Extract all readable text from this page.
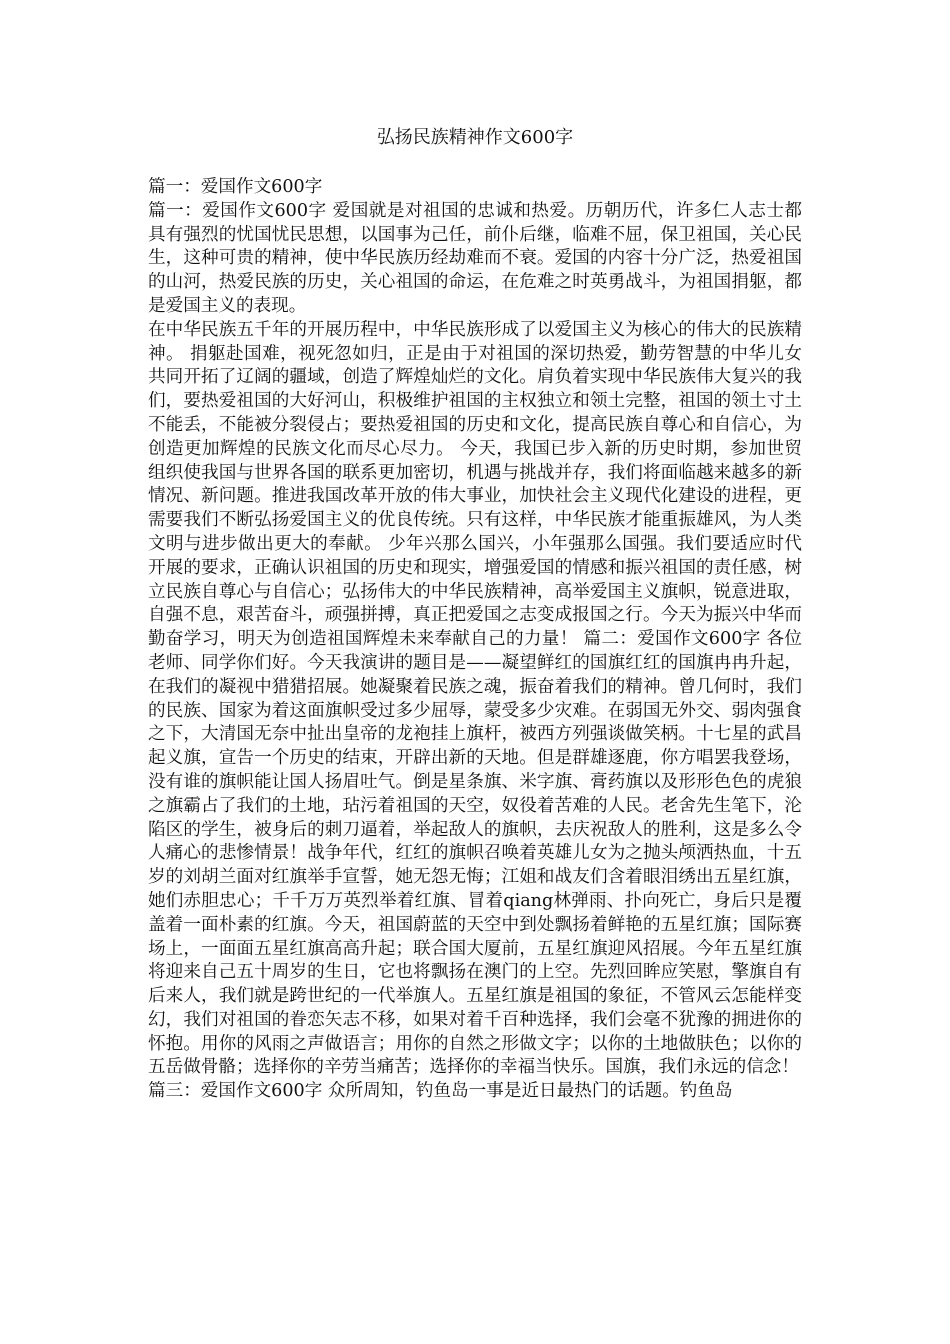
弘扬民族精神作文600字

篇一：爱国作文600字

篇一：爱国作文600字 爱国就是对祖国的忠诚和热爱。历朝历代，许多仁人志士都具有强烈的忧国忧民思想，以国事为己任，前仆后继，临难不屈，保卫祖国，关心民生，这种可贵的精神，使中华民族历经劫难而不衰。爱国的内容十分广泛，热爱祖国的山河，热爱民族的历史，关心祖国的命运，在危难之时英勇战斗，为祖国捐躯，都是爱国主义的表现。

在中华民族五千年的开展历程中，中华民族形成了以爱国主义为核心的伟大的民族精神。 捐躯赴国难，视死忽如归，正是由于对祖国的深切热爱，勤劳智慧的中华儿女共同开拓了辽阔的疆域，创造了辉煌灿烂的文化。肩负着实现中华民族伟大复兴的我们，要热爱祖国的大好河山，积极维护祖国的主权独立和领土完整，祖国的领土寸土不能丢，不能被分裂侵占；要热爱祖国的历史和文化，提高民族自尊心和自信心，为创造更加辉煌的民族文化而尽心尽力。 今天，我国已步入新的历史时期，参加世贸组织使我国与世界各国的联系更加密切，机遇与挑战并存，我们将面临越来越多的新情况、新问题。推进我国改革开放的伟大事业，加快社会主义现代化建设的进程，更需要我们不断弘扬爱国主义的优良传统。只有这样，中华民族才能重振雄风，为人类文明与进步做出更大的奉献。 少年兴那么国兴，小年强那么国强。我们要适应时代开展的要求，正确认识祖国的历史和现实，增强爱国的情感和振兴祖国的责任感，树立民族自尊心与自信心；弘扬伟大的中华民族精神，高举爱国主义旗帜，锐意进取，自强不息，艰苦奋斗，顽强拼搏，真正把爱国之志变成报国之行。今天为振兴中华而勤奋学习，明天为创造祖国辉煌未来奉献自己的力量！ 篇二：爱国作文600字 各位老师、同学你们好。今天我演讲的题目是——凝望鲜红的国旗红红的国旗冉冉升起，在我们的凝视中猎猎招展。她凝聚着民族之魂，振奋着我们的精神。曾几何时，我们的民族、国家为着这面旗帜受过多少屈辱，蒙受多少灾难。在弱国无外交、弱肉强食之下，大清国无奈中扯出皇帝的龙袍挂上旗杆，被西方列强谈做笑柄。十七星的武昌起义旗，宣告一个历史的结束，开辟出新的天地。但是群雄逐鹿，你方唱罢我登场，没有谁的旗帜能让国人扬眉吐气。倒是星条旗、米字旗、膏药旗以及形形色色的虎狼之旗霸占了我们的土地，玷污着祖国的天空，奴役着苦难的人民。老舍先生笔下，沦陷区的学生，被身后的刺刀逼着，举起敌人的旗帜，去庆祝敌人的胜利，这是多么令人痛心的悲惨情景！战争年代，红红的旗帜召唤着英雄儿女为之抛头颅洒热血，十五岁的刘胡兰面对红旗举手宣誓，她无怨无悔；江姐和战友们含着眼泪绣出五星红旗，她们赤胆忠心；千千万万英烈举着红旗、冒着qiang林弹雨、扑向死亡，身后只是覆盖着一面朴素的红旗。今天，祖国蔚蓝的天空中到处飘扬着鲜艳的五星红旗；国际赛场上，一面面五星红旗高高升起；联合国大厦前，五星红旗迎风招展。今年五星红旗将迎来自己五十周岁的生日，它也将飘扬在澳门的上空。先烈回眸应笑慰，擎旗自有后来人，我们就是跨世纪的一代举旗人。五星红旗是祖国的象征，不管风云怎能样变幻，我们对祖国的眷恋矢志不移，如果对着千百种选择，我们会毫不犹豫的拥进你的怀抱。用你的风雨之声做语言；用你的自然之形做文字；以你的土地做肤色；以你的五岳做骨骼；选择你的辛劳当痛苦；选择你的幸福当快乐。国旗，我们永远的信念！

篇三：爱国作文600字 众所周知，钓鱼岛一事是近日最热门的话题。钓鱼岛
